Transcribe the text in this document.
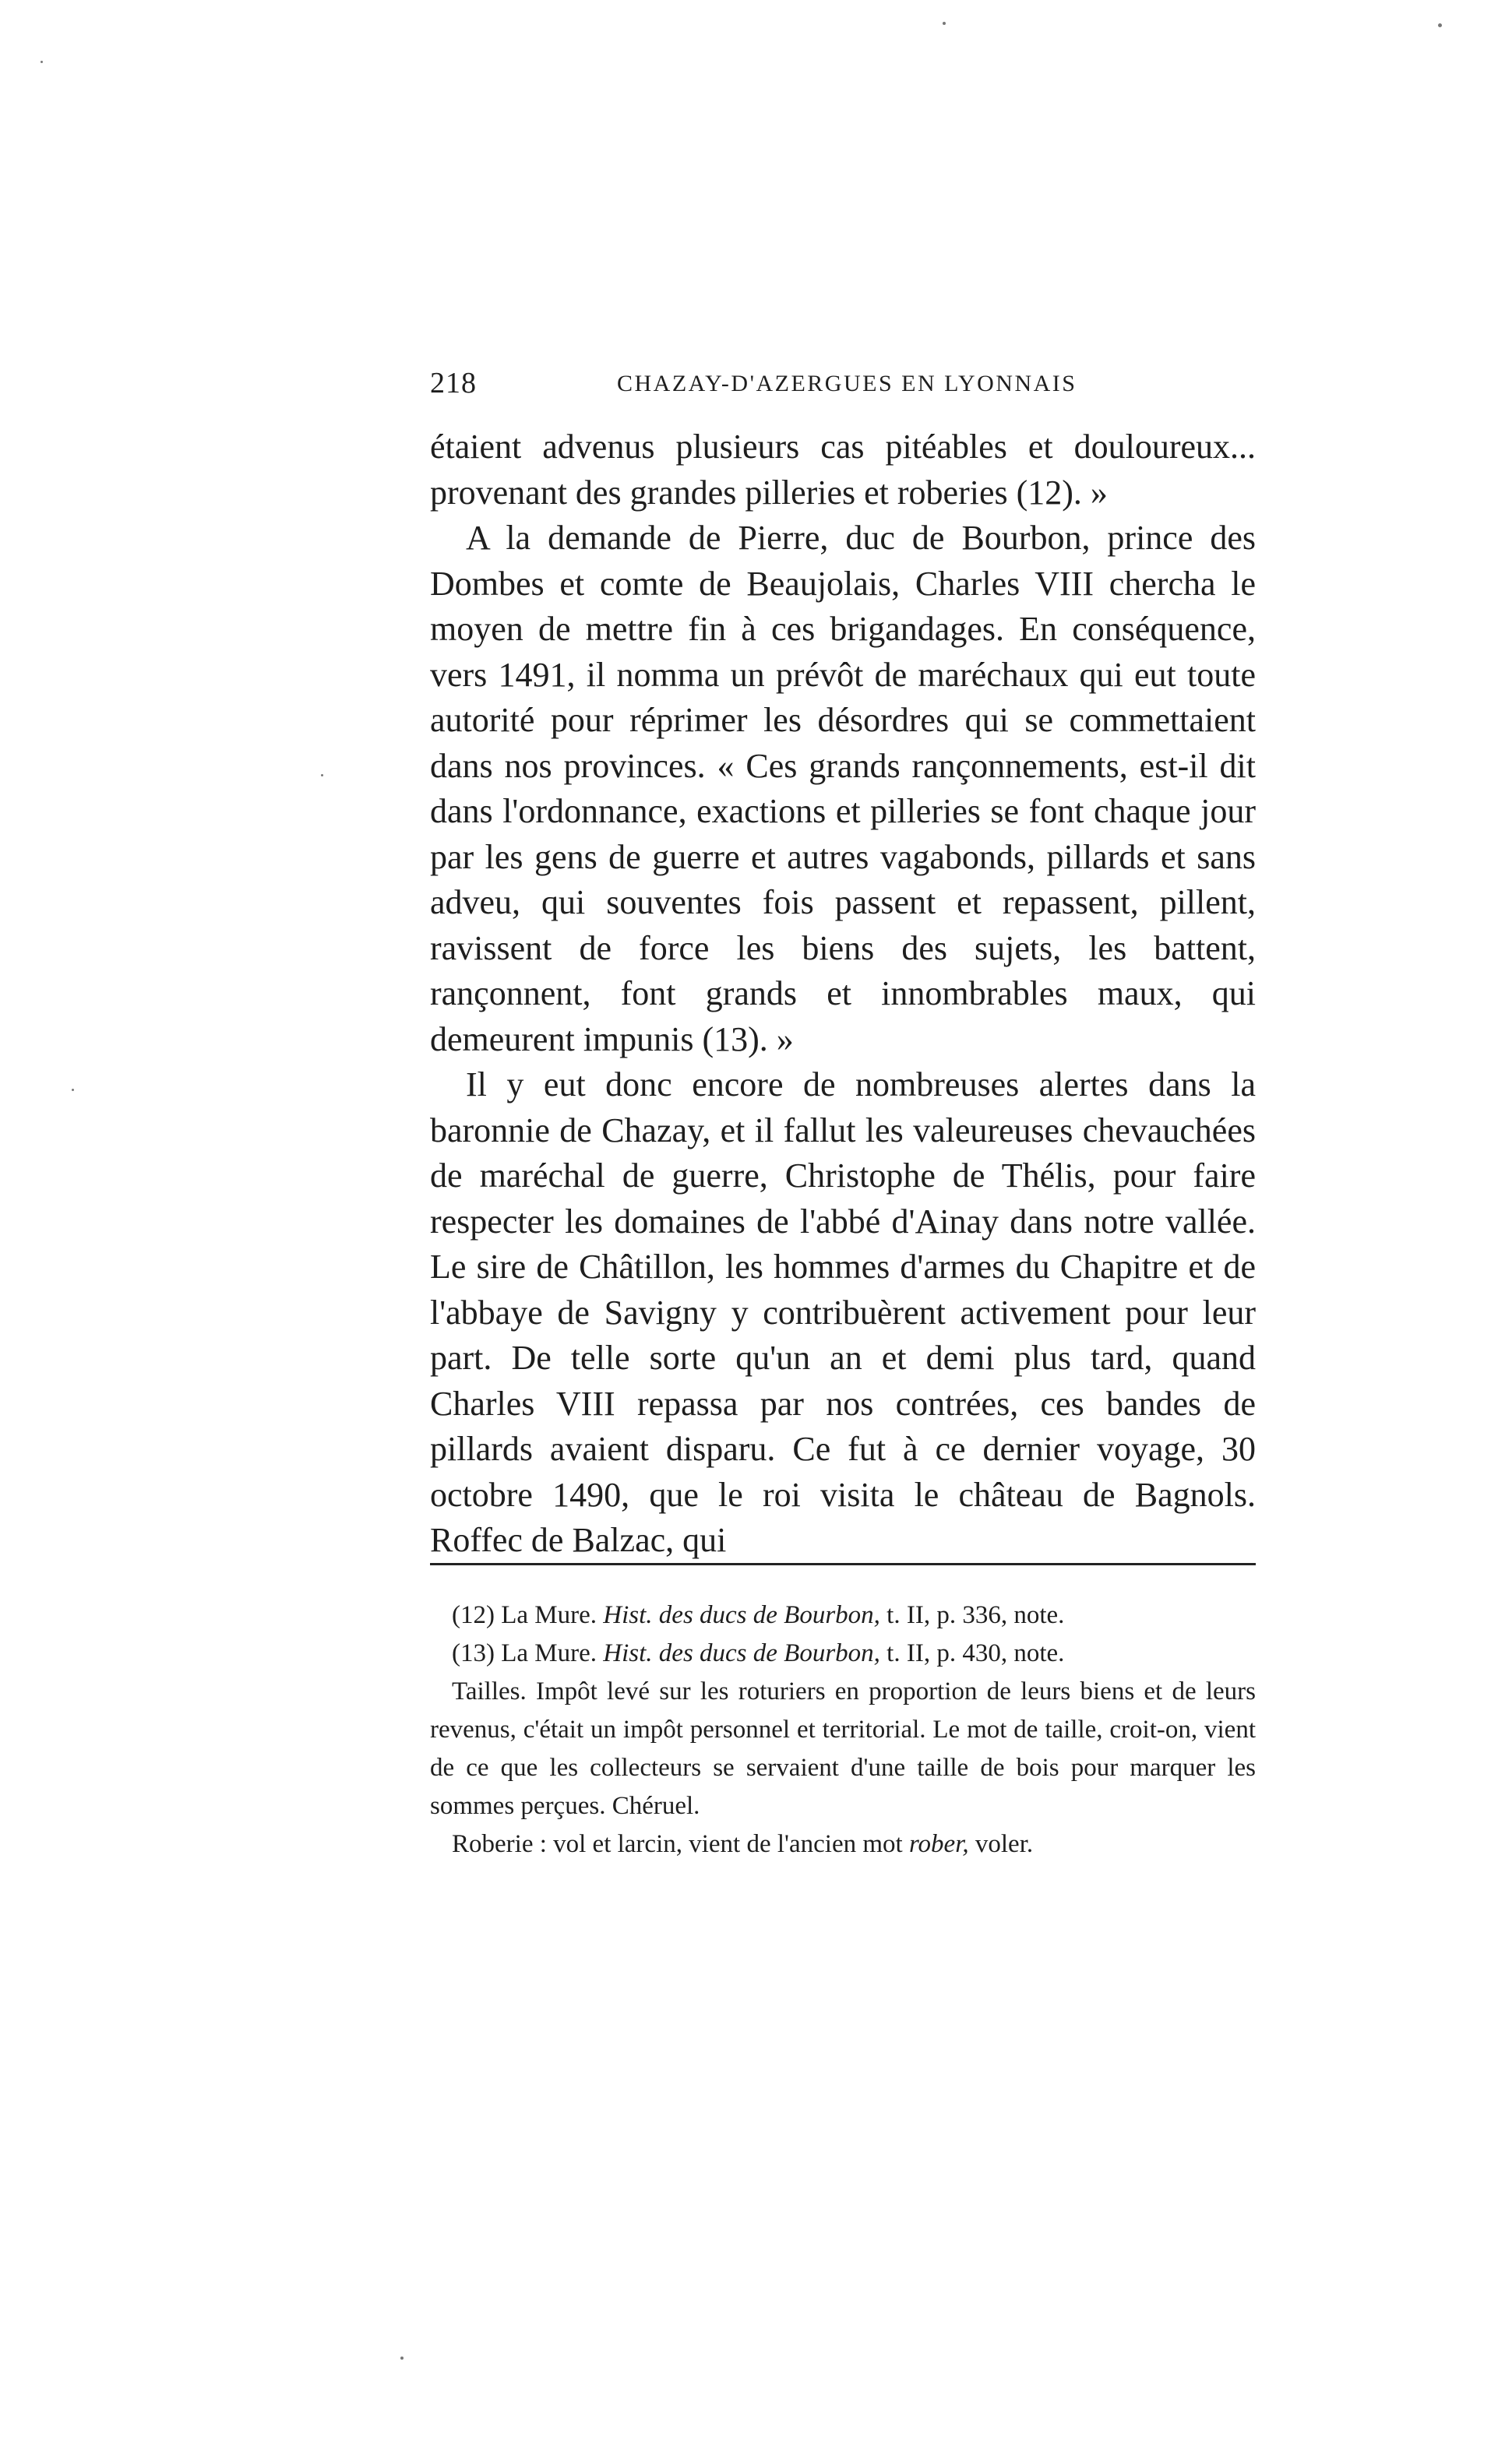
218	CHAZAY-D'AZERGUES EN LYONNAIS

étaient advenus plusieurs cas pitéables et douloureux... provenant des grandes pilleries et roberies (12). »

A la demande de Pierre, duc de Bourbon, prince des Dombes et comte de Beaujolais, Charles VIII chercha le moyen de mettre fin à ces brigandages. En conséquence, vers 1491, il nomma un prévôt de maréchaux qui eut toute autorité pour réprimer les désordres qui se commettaient dans nos provinces. « Ces grands rançonnements, est-il dit dans l'ordonnance, exactions et pilleries se font chaque jour par les gens de guerre et autres vagabonds, pillards et sans adveu, qui souventes fois passent et repassent, pillent, ravissent de force les biens des sujets, les battent, rançonnent, font grands et innombrables maux, qui demeurent impunis (13). »

Il y eut donc encore de nombreuses alertes dans la baronnie de Chazay, et il fallut les valeureuses chevauchées de maréchal de guerre, Christophe de Thélis, pour faire respecter les domaines de l'abbé d'Ainay dans notre vallée. Le sire de Châtillon, les hommes d'armes du Chapitre et de l'abbaye de Savigny y contribuèrent activement pour leur part. De telle sorte qu'un an et demi plus tard, quand Charles VIII repassa par nos contrées, ces bandes de pillards avaient disparu. Ce fut à ce dernier voyage, 30 octobre 1490, que le roi visita le château de Bagnols. Roffec de Balzac, qui

(12) La Mure. Hist. des ducs de Bourbon, t. II, p. 336, note.

(13) La Mure. Hist. des ducs de Bourbon, t. II, p. 430, note.

Tailles. Impôt levé sur les roturiers en proportion de leurs biens et de leurs revenus, c'était un impôt personnel et territorial. Le mot de taille, croit-on, vient de ce que les collecteurs se servaient d'une taille de bois pour marquer les sommes perçues. Chéruel.

Roberie : vol et larcin, vient de l'ancien mot rober, voler.
